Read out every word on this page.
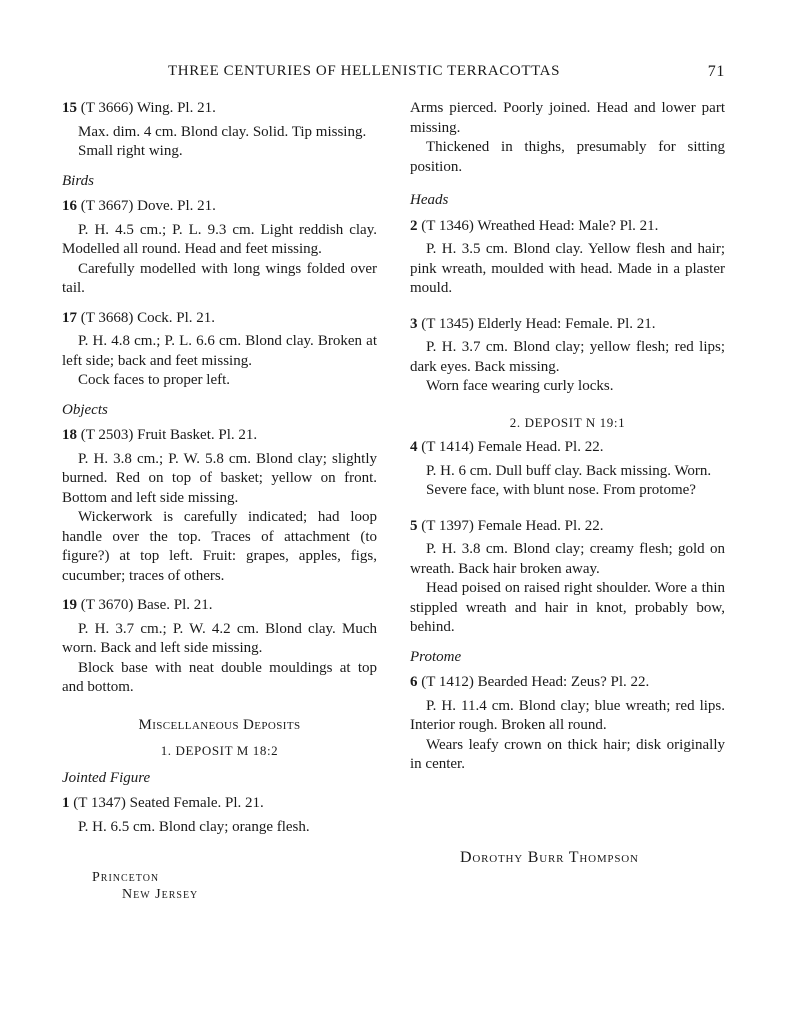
THREE CENTURIES OF HELLENISTIC TERRACOTTAS	71

15 (T 3666) Wing. Pl. 21.

Max. dim. 4 cm. Blond clay. Solid. Tip missing.

Small right wing.

Birds

16 (T 3667) Dove. Pl. 21.

P. H. 4.5 cm.; P. L. 9.3 cm. Light reddish clay. Modelled all round. Head and feet missing.

Carefully modelled with long wings folded over tail.

17 (T 3668) Cock. Pl. 21.

P. H. 4.8 cm.; P. L. 6.6 cm. Blond clay. Broken at left side; back and feet missing.

Cock faces to proper left.

Objects

18 (T 2503) Fruit Basket. Pl. 21.

P. H. 3.8 cm.; P. W. 5.8 cm. Blond clay; slightly burned. Red on top of basket; yellow on front. Bottom and left side missing.

Wickerwork is carefully indicated; had loop handle over the top. Traces of attachment (to figure?) at top left. Fruit: grapes, apples, figs, cucumber; traces of others.

19 (T 3670) Base. Pl. 21.

P. H. 3.7 cm.; P. W. 4.2 cm. Blond clay. Much worn. Back and left side missing.

Block base with neat double mouldings at top and bottom.

Miscellaneous Deposits

1. DEPOSIT M 18:2

Jointed Figure

1 (T 1347) Seated Female. Pl. 21.

P. H. 6.5 cm. Blond clay; orange flesh.

Arms pierced. Poorly joined. Head and lower part missing.

Thickened in thighs, presumably for sitting position.

Heads

2 (T 1346) Wreathed Head: Male? Pl. 21.

P. H. 3.5 cm. Blond clay. Yellow flesh and hair; pink wreath, moulded with head. Made in a plaster mould.

3 (T 1345) Elderly Head: Female. Pl. 21.

P. H. 3.7 cm. Blond clay; yellow flesh; red lips; dark eyes. Back missing.

Worn face wearing curly locks.

2. DEPOSIT N 19:1

4 (T 1414) Female Head. Pl. 22.

P. H. 6 cm. Dull buff clay. Back missing. Worn.

Severe face, with blunt nose. From protome?

5 (T 1397) Female Head. Pl. 22.

P. H. 3.8 cm. Blond clay; creamy flesh; gold on wreath. Back hair broken away.

Head poised on raised right shoulder. Wore a thin stippled wreath and hair in knot, probably bow, behind.

Protome

6 (T 1412) Bearded Head: Zeus? Pl. 22.

P. H. 11.4 cm. Blond clay; blue wreath; red lips. Interior rough. Broken all round.

Wears leafy crown on thick hair; disk originally in center.

Dorothy Burr Thompson
Princeton
New Jersey
